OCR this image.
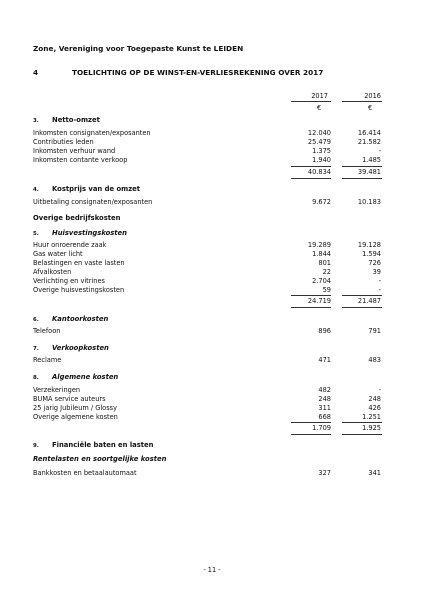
Zone, Vereniging voor Toegepaste Kunst te LEIDEN
4	TOELICHTING OP DE WINST-EN-VERLIESREKENING OVER 2017
2017	2016
€	€
3. Netto-omzet
Inkomsten consignaten/exposanten	12.040	16.414
Contributies leden	25.479	21.582
Inkomsten verhuur wand	1.375	-
Inkomsten contante verkoop	1.940	1.485
40.834	39.481
4. Kostprijs van de omzet
Uitbetaling consignaten/exposanten	9.672	10.183
Overige bedrijfskosten
5. Huisvestingskosten
Huur onroerende zaak	19.289	19.128
Gas water licht	1.844	1.594
Belastingen en vaste lasten	801	726
Afvalkosten	22	39
Verlichting en vitrines	2.704	-
Overige huisvestingskosten	59	-
24.719	21.487
6. Kantoorkosten
Telefoon	896	791
7. Verkoopkosten
Reclame	471	483
8. Algemene kosten
Verzekeringen	482	-
BUMA service auteurs	248	248
25 jarig Jubileum / Glossy	311	426
Overige algemene kosten	668	1.251
1.709	1.925
9. Financiële baten en lasten
Rentelasten en soortgelijke kosten
Bankkosten en betaalautomaat	327	341
- 11 -
